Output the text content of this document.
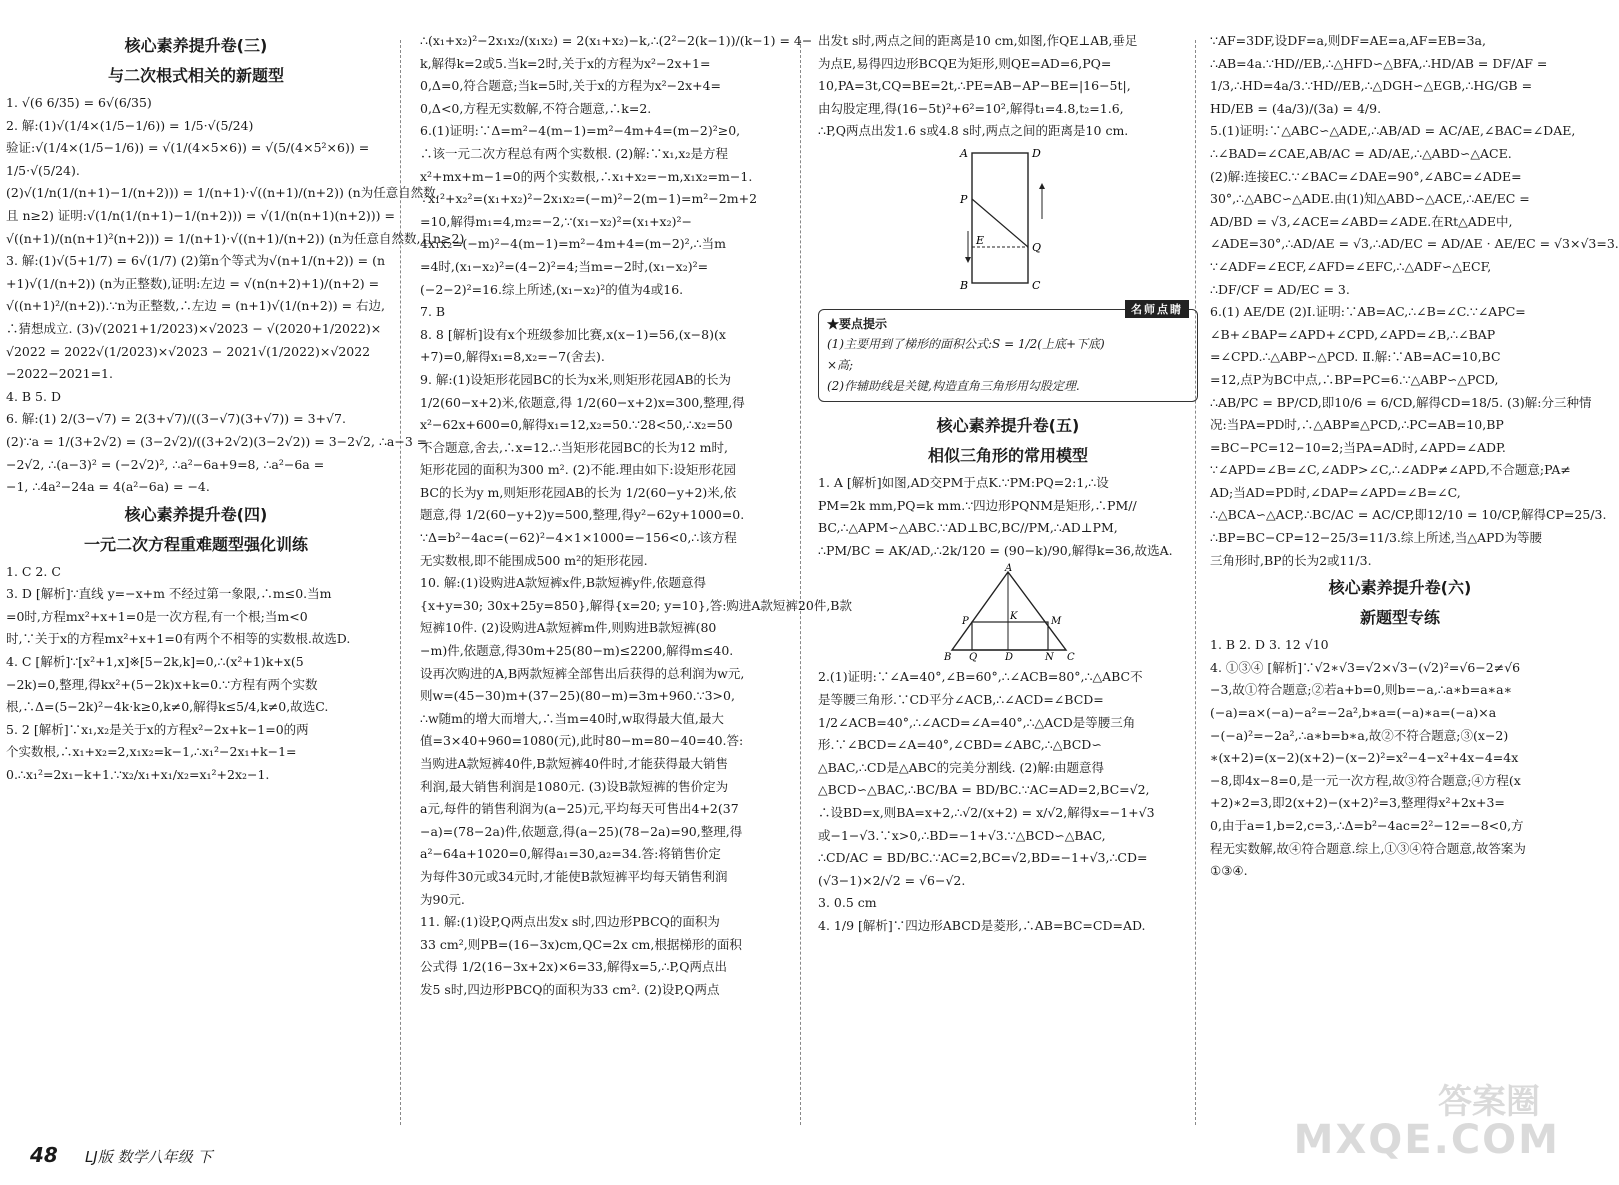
核心素养提升卷(三)
与二次根式相关的新题型
1. √(6 6/35) = 6√(6/35)
2. 解:(1)√(1/4×(1/5−1/6)) = 1/5·√(5/24)
验证:√(1/4×(1/5−1/6)) = √(1/(4×5×6)) = √(5/(4×5²×6)) =
1/5·√(5/24).
(2)√(1/n(1/(n+1)−1/(n+2))) = 1/(n+1)·√((n+1)/(n+2)) (n为任意自然数,
且 n≥2) 证明:√(1/n(1/(n+1)−1/(n+2))) = √(1/(n(n+1)(n+2))) =
√((n+1)/(n(n+1)²(n+2))) = 1/(n+1)·√((n+1)/(n+2)) (n为任意自然数,且n≥2)
3. 解:(1)√(5+1/7) = 6√(1/7) (2)第n个等式为√(n+1/(n+2)) = (n
+1)√(1/(n+2)) (n为正整数),证明:左边 = √(n(n+2)+1)/(n+2) =
√((n+1)²/(n+2)).∵n为正整数,∴左边 = (n+1)√(1/(n+2)) = 右边,
∴猜想成立. (3)√(2021+1/2023)×√2023 − √(2020+1/2022)×
√2022 = 2022√(1/2023)×√2023 − 2021√(1/2022)×√2022
−2022−2021=1.
4. B 5. D
6. 解:(1) 2/(3−√7) = 2(3+√7)/((3−√7)(3+√7)) = 3+√7.
(2)∵a = 1/(3+2√2) = (3−2√2)/((3+2√2)(3−2√2)) = 3−2√2, ∴a−3 =
−2√2, ∴(a−3)² = (−2√2)², ∴a²−6a+9=8, ∴a²−6a =
−1, ∴4a²−24a = 4(a²−6a) = −4.
核心素养提升卷(四)
一元二次方程重难题型强化训练
1. C 2. C
3. D [解析]∵直线 y=−x+m 不经过第一象限,∴m≤0.当m
=0时,方程mx²+x+1=0是一次方程,有一个根;当m<0
时,∵关于x的方程mx²+x+1=0有两个不相等的实数根.故选D.
4. C [解析]∵[x²+1,x]※[5−2k,k]=0,∴(x²+1)k+x(5
−2k)=0,整理,得kx²+(5−2k)x+k=0.∵方程有两个实数
根,∴Δ=(5−2k)²−4k·k≥0,k≠0,解得k≤5/4,k≠0,故选C.
5. 2 [解析]∵x₁,x₂是关于x的方程x²−2x+k−1=0的两
个实数根,∴x₁+x₂=2,x₁x₂=k−1,∴x₁²−2x₁+k−1=
0.∴x₁²=2x₁−k+1.∵x₂/x₁+x₁/x₂=x₁²+2x₂−1.
∴(x₁+x₂)²−2x₁x₂/(x₁x₂) = 2(x₁+x₂)−k,∴(2²−2(k−1))/(k−1) = 4−
k,解得k=2或5.当k=2时,关于x的方程为x²−2x+1=
0,Δ=0,符合题意;当k=5时,关于x的方程为x²−2x+4=
0,Δ<0,方程无实数解,不符合题意,∴k=2.
6.(1)证明:∵Δ=m²−4(m−1)=m²−4m+4=(m−2)²≥0,
∴该一元二次方程总有两个实数根. (2)解:∵x₁,x₂是方程
x²+mx+m−1=0的两个实数根,∴x₁+x₂=−m,x₁x₂=m−1.
∵x₁²+x₂²=(x₁+x₂)²−2x₁x₂=(−m)²−2(m−1)=m²−2m+2
=10,解得m₁=4,m₂=−2,∵(x₁−x₂)²=(x₁+x₂)²−
4x₁x₂=(−m)²−4(m−1)=m²−4m+4=(m−2)²,∴当m
=4时,(x₁−x₂)²=(4−2)²=4;当m=−2时,(x₁−x₂)²=
(−2−2)²=16.综上所述,(x₁−x₂)²的值为4或16.
7. B
8. 8 [解析]设有x个班级参加比赛,x(x−1)=56,(x−8)(x
+7)=0,解得x₁=8,x₂=−7(舍去).
9. 解:(1)设矩形花园BC的长为x米,则矩形花园AB的长为
1/2(60−x+2)米,依题意,得 1/2(60−x+2)x=300,整理,得
x²−62x+600=0,解得x₁=12,x₂=50.∵28<50,∴x₂=50
不合题意,舍去,∴x=12.∴当矩形花园BC的长为12 m时,
矩形花园的面积为300 m². (2)不能.理由如下:设矩形花园
BC的长为y m,则矩形花园AB的长为 1/2(60−y+2)米,依
题意,得 1/2(60−y+2)y=500,整理,得y²−62y+1000=0.
∵Δ=b²−4ac=(−62)²−4×1×1000=−156<0,∴该方程
无实数根,即不能围成500 m²的矩形花园.
10. 解:(1)设购进A款短裤x件,B款短裤y件,依题意得
{x+y=30; 30x+25y=850},解得{x=20; y=10},答:购进A款短裤20件,B款
短裤10件. (2)设购进A款短裤m件,则购进B款短裤(80
−m)件,依题意,得30m+25(80−m)≤2200,解得m≤40.
设再次购进的A,B两款短裤全部售出后获得的总利润为w元,
则w=(45−30)m+(37−25)(80−m)=3m+960.∵3>0,
∴w随m的增大而增大,∴当m=40时,w取得最大值,最大
值=3×40+960=1080(元),此时80−m=80−40=40.答:
当购进A款短裤40件,B款短裤40件时,才能获得最大销售
利润,最大销售利润是1080元. (3)设B款短裤的售价定为
a元,每件的销售利润为(a−25)元,平均每天可售出4+2(37
−a)=(78−2a)件,依题意,得(a−25)(78−2a)=90,整理,得
a²−64a+1020=0,解得a₁=30,a₂=34.答:将销售价定
为每件30元或34元时,才能使B款短裤平均每天销售利润
为90元.
11. 解:(1)设P,Q两点出发x s时,四边形PBCQ的面积为
33 cm²,则PB=(16−3x)cm,QC=2x cm,根据梯形的面积
公式得 1/2(16−3x+2x)×6=33,解得x=5,∴P,Q两点出
发5 s时,四边形PBCQ的面积为33 cm². (2)设P,Q两点
出发t s时,两点之间的距离是10 cm,如图,作QE⊥AB,垂足
为点E,易得四边形BCQE为矩形,则QE=AD=6,PQ=
10,PA=3t,CQ=BE=2t,∴PE=AB−AP−BE=|16−5t|,
由勾股定理,得(16−5t)²+6²=10²,解得t₁=4.8,t₂=1.6,
∴P,Q两点出发1.6 s或4.8 s时,两点之间的距离是10 cm.
A	D
P
E
Q
B	C
名师点睛
★要点提示
(1)主要用到了梯形的面积公式:S = 1/2(上底+下底)
×高;
(2)作辅助线是关键,构造直角三角形用勾股定理.
核心素养提升卷(五)
相似三角形的常用模型
1. A [解析]如图,AD交PM于点K.∵PM:PQ=2:1,∴设
PM=2k mm,PQ=k mm.∵四边形PQNM是矩形,∴PM//
BC,∴△APM∽△ABC.∵AD⊥BC,BC//PM,∴AD⊥PM,
∴PM/BC = AK/AD,∴2k/120 = (90−k)/90,解得k=36,故选A.
A
P	K	M
B Q	D	N C
2.(1)证明:∵∠A=40°,∠B=60°,∴∠ACB=80°,∴△ABC不
是等腰三角形.∵CD平分∠ACB,∴∠ACD=∠BCD=
1/2∠ACB=40°,∴∠ACD=∠A=40°,∴△ACD是等腰三角
形.∵∠BCD=∠A=40°,∠CBD=∠ABC,∴△BCD∽
△BAC,∴CD是△ABC的完美分割线. (2)解:由题意得
△BCD∽△BAC,∴BC/BA = BD/BC.∵AC=AD=2,BC=√2,
∴设BD=x,则BA=x+2,∴√2/(x+2) = x/√2,解得x=−1+√3
或−1−√3.∵x>0,∴BD=−1+√3.∵△BCD∽△BAC,
∴CD/AC = BD/BC.∵AC=2,BC=√2,BD=−1+√3,∴CD=
(√3−1)×2/√2 = √6−√2.
3. 0.5 cm
4. 1/9 [解析]∵四边形ABCD是菱形,∴AB=BC=CD=AD.
∵AF=3DF,设DF=a,则DF=AE=a,AF=EB=3a,
∴AB=4a.∵HD//EB,∴△HFD∽△BFA,∴HD/AB = DF/AF =
1/3,∴HD=4a/3.∵HD//EB,∴△DGH∽△EGB,∴HG/GB =
HD/EB = (4a/3)/(3a) = 4/9.
5.(1)证明:∵△ABC∽△ADE,∴AB/AD = AC/AE,∠BAC=∠DAE,
∴∠BAD=∠CAE,AB/AC = AD/AE,∴△ABD∽△ACE.
(2)解:连接EC.∵∠BAC=∠DAE=90°,∠ABC=∠ADE=
30°,∴△ABC∽△ADE.由(1)知△ABD∽△ACE,∴AE/EC =
AD/BD = √3,∠ACE=∠ABD=∠ADE.在Rt△ADE中,
∠ADE=30°,∴AD/AE = √3,∴AD/EC = AD/AE · AE/EC = √3×√3=3.
∵∠ADF=∠ECF,∠AFD=∠EFC,∴△ADF∽△ECF,
∴DF/CF = AD/EC = 3.
6.(1) AE/DE (2)Ⅰ.证明:∵AB=AC,∴∠B=∠C.∵∠APC=
∠B+∠BAP=∠APD+∠CPD,∠APD=∠B,∴∠BAP
=∠CPD.∴△ABP∽△PCD. Ⅱ.解:∵AB=AC=10,BC
=12,点P为BC中点,∴BP=PC=6.∵△ABP∽△PCD,
∴AB/PC = BP/CD,即10/6 = 6/CD,解得CD=18/5. (3)解:分三种情
况:当PA=PD时,∴△ABP≌△PCD,∴PC=AB=10,BP
=BC−PC=12−10=2;当PA=AD时,∠APD=∠ADP.
∵∠APD=∠B=∠C,∠ADP>∠C,∴∠ADP≠∠APD,不合题意;PA≠
AD;当AD=PD时,∠DAP=∠APD=∠B=∠C,
∴△BCA∽△ACP,∴BC/AC = AC/CP,即12/10 = 10/CP,解得CP=25/3.
∴BP=BC−CP=12−25/3=11/3.综上所述,当△APD为等腰
三角形时,BP的长为2或11/3.
核心素养提升卷(六)
新题型专练
1. B 2. D 3. 12 √10
4. ①③④ [解析]∵√2∗√3=√2×√3−(√2)²=√6−2≠√6
−3,故①符合题意;②若a+b=0,则b=−a,∴a∗b=a∗a∗
(−a)=a×(−a)−a²=−2a²,b∗a=(−a)∗a=(−a)×a
−(−a)²=−2a²,∴a∗b=b∗a,故②不符合题意;③(x−2)
∗(x+2)=(x−2)(x+2)−(x−2)²=x²−4−x²+4x−4=4x
−8,即4x−8=0,是一元一次方程,故③符合题意;④方程(x
+2)∗2=3,即2(x+2)−(x+2)²=3,整理得x²+2x+3=
0,由于a=1,b=2,c=3,∴Δ=b²−4ac=2²−12=−8<0,方
程无实数解,故④符合题意.综上,①③④符合题意,故答案为
①③④.
48 LJ版 数学八年级 下
答案圈
MXQE.COM
